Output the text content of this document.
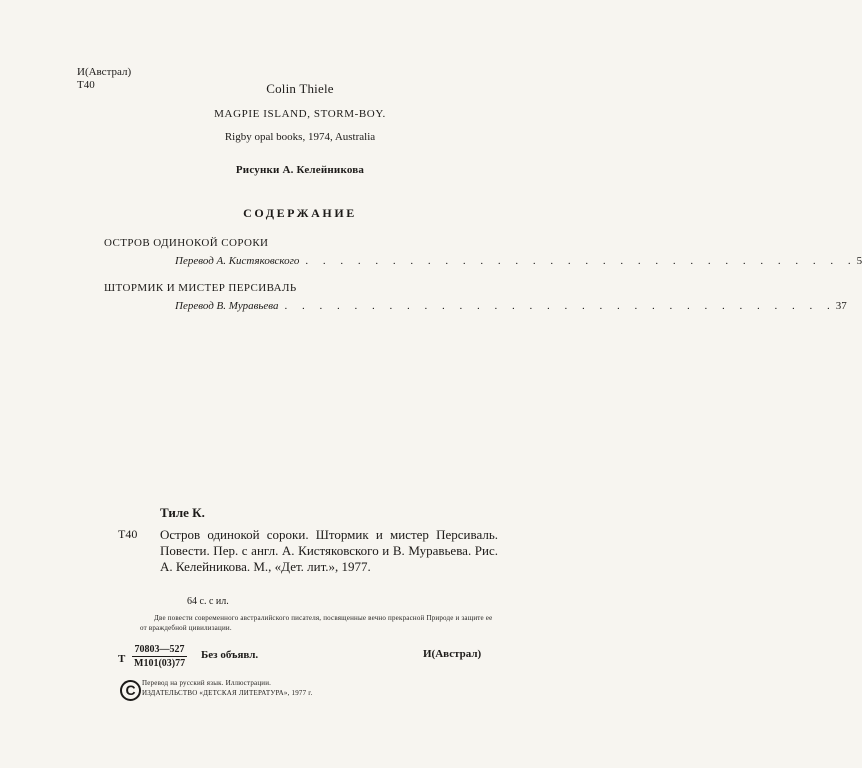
И(Австрал)
Т40	Colin Thiele
MAGPIE ISLAND, STORM-BOY.
Rigby opal books, 1974, Australia
Рисунки А. Келейникова
СОДЕРЖАНИЕ
ОСТРОВ ОДИНОКОЙ СОРОКИ
Перевод А. Кистяковского . . . . . . . . . . . . . . . . . . . . . . . . . . . . . . . . 5
ШТОРМИК И МИСТЕР ПЕРСИВАЛЬ
Перевод В. Муравьева . . . . . . . . . . . . . . . . . . . . . . . . . . . . . . . . 37
Тиле К.
Т40 Остров одинокой сороки. Штормик и мистер Персиваль. Повести. Пер. с англ. А. Кистяковского и В. Муравьева. Рис. А. Келейникова. М., «Дет. лит.», 1977.
64 с. с ил.
Две повести современного австралийского писателя, посвященные вечно прекрасной Природе и защите ее от враждебной цивилизации.
Т
70803—527
М101(03)77
Без объявл.	И(Австрал)
C Перевод на русский язык. Иллюстрации.
ИЗДАТЕЛЬСТВО «ДЕТСКАЯ ЛИТЕРАТУРА», 1977 г.
